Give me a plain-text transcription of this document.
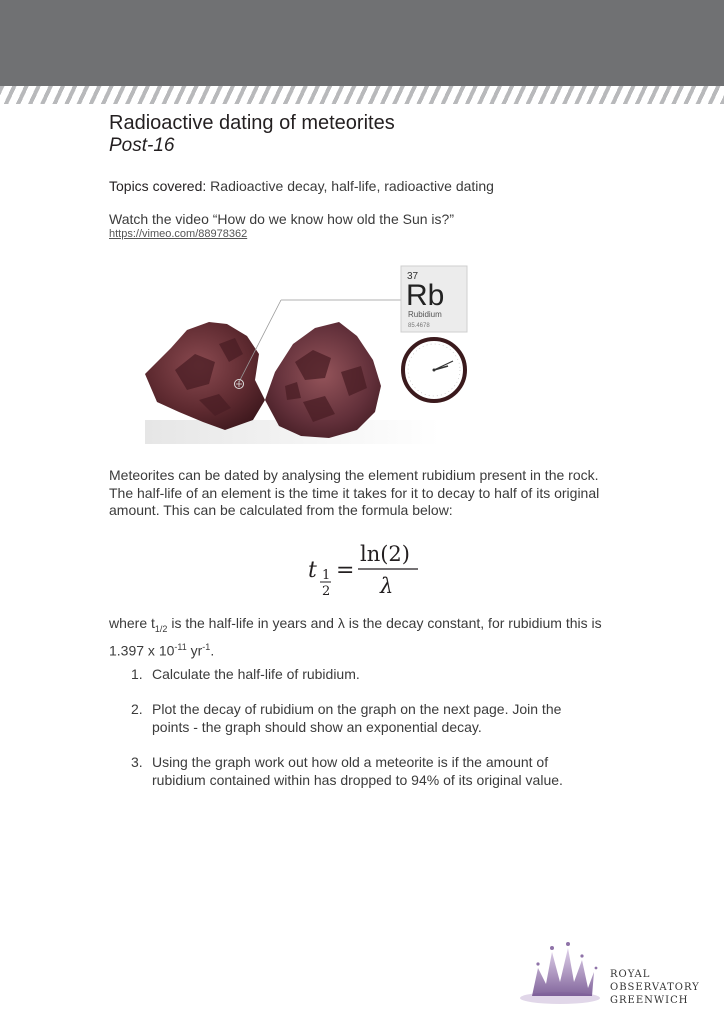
Radioactive dating of meteorites
Post-16
Topics covered: Radioactive decay, half-life, radioactive dating
Watch the video “How do we know how old the Sun is?”
https://vimeo.com/88978362
37
Rb
Rubidium
85.4678
Meteorites can be dated by analysing the element rubidium present in the rock. The half-life of an element is the time it takes for it to decay to half of its original amount. This can be calculated from the formula below:
t 1
2
=
ln(2)
λ
where $t_{1/2}$ is the half-life in years and λ is the decay constant, for rubidium this is 1.397 x $10^{-11}$ $yr^{-1}$.
1. Calculate the half-life of rubidium.
2. Plot the decay of rubidium on the graph on the next page. Join the points - the graph should show an exponential decay.
3. Using the graph work out how old a meteorite is if the amount of rubidium contained within has dropped to 94% of its original value.
ROYAL
OBSERVATORY
GREENWICH
